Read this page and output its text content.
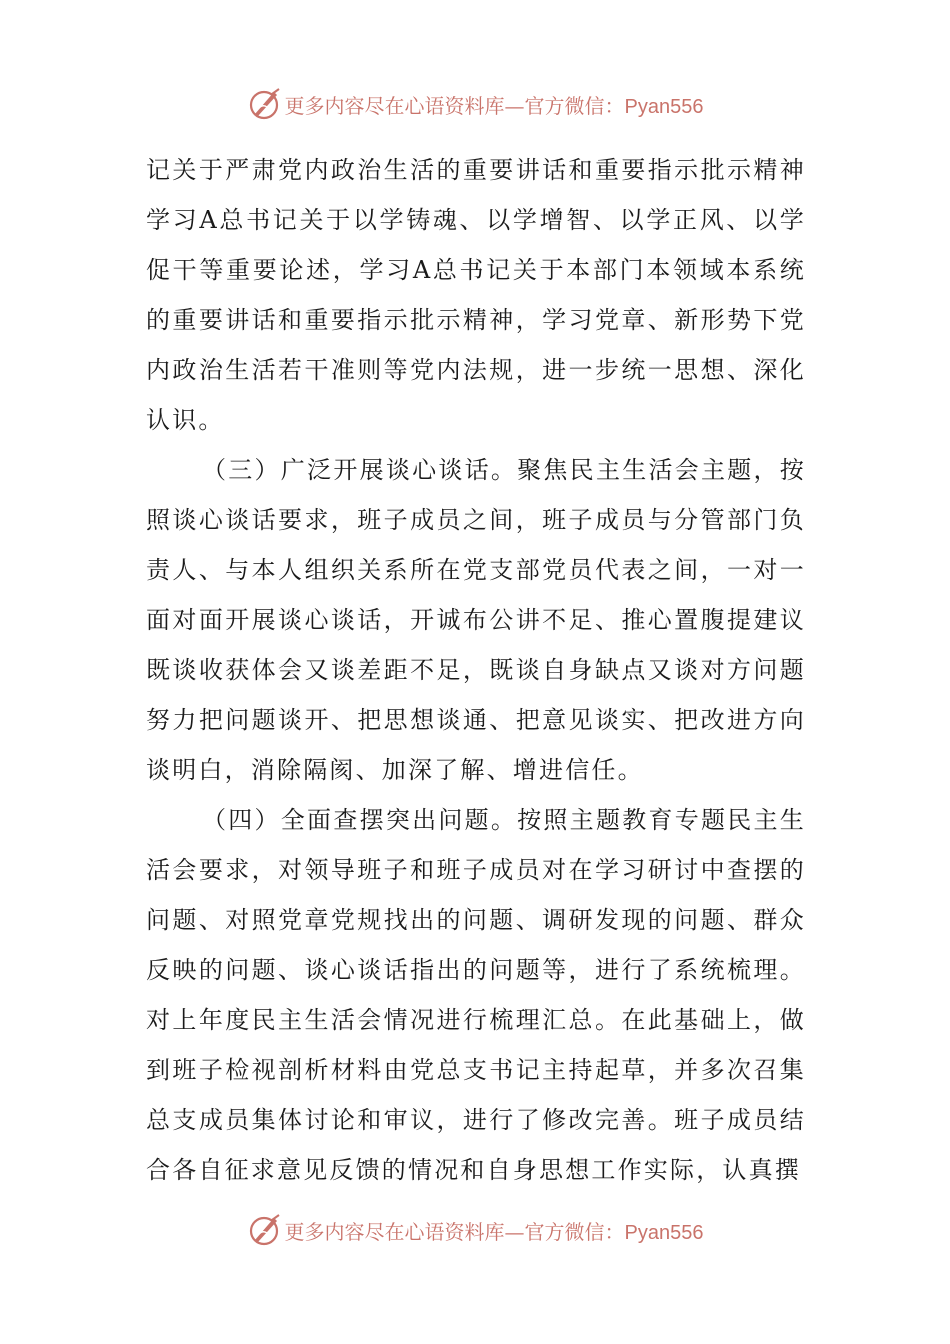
更多内容尽在心语资料库—官方微信：Pyan556

记关于严肃党内政治生活的重要讲话和重要指示批示精神学习A总书记关于以学铸魂、以学增智、以学正风、以学促干等重要论述，学习A总书记关于本部门本领域本系统的重要讲话和重要指示批示精神，学习党章、新形势下党内政治生活若干准则等党内法规，进一步统一思想、深化认识。

（三）广泛开展谈心谈话。聚焦民主生活会主题，按照谈心谈话要求，班子成员之间，班子成员与分管部门负责人、与本人组织关系所在党支部党员代表之间，一对一面对面开展谈心谈话，开诚布公讲不足、推心置腹提建议既谈收获体会又谈差距不足，既谈自身缺点又谈对方问题努力把问题谈开、把思想谈通、把意见谈实、把改进方向谈明白，消除隔阂、加深了解、增进信任。

（四）全面查摆突出问题。按照主题教育专题民主生活会要求，对领导班子和班子成员对在学习研讨中查摆的问题、对照党章党规找出的问题、调研发现的问题、群众反映的问题、谈心谈话指出的问题等，进行了系统梳理。对上年度民主生活会情况进行梳理汇总。在此基础上，做到班子检视剖析材料由党总支书记主持起草，并多次召集总支成员集体讨论和审议，进行了修改完善。班子成员结合各自征求意见反馈的情况和自身思想工作实际，认真撰

更多内容尽在心语资料库—官方微信：Pyan556
